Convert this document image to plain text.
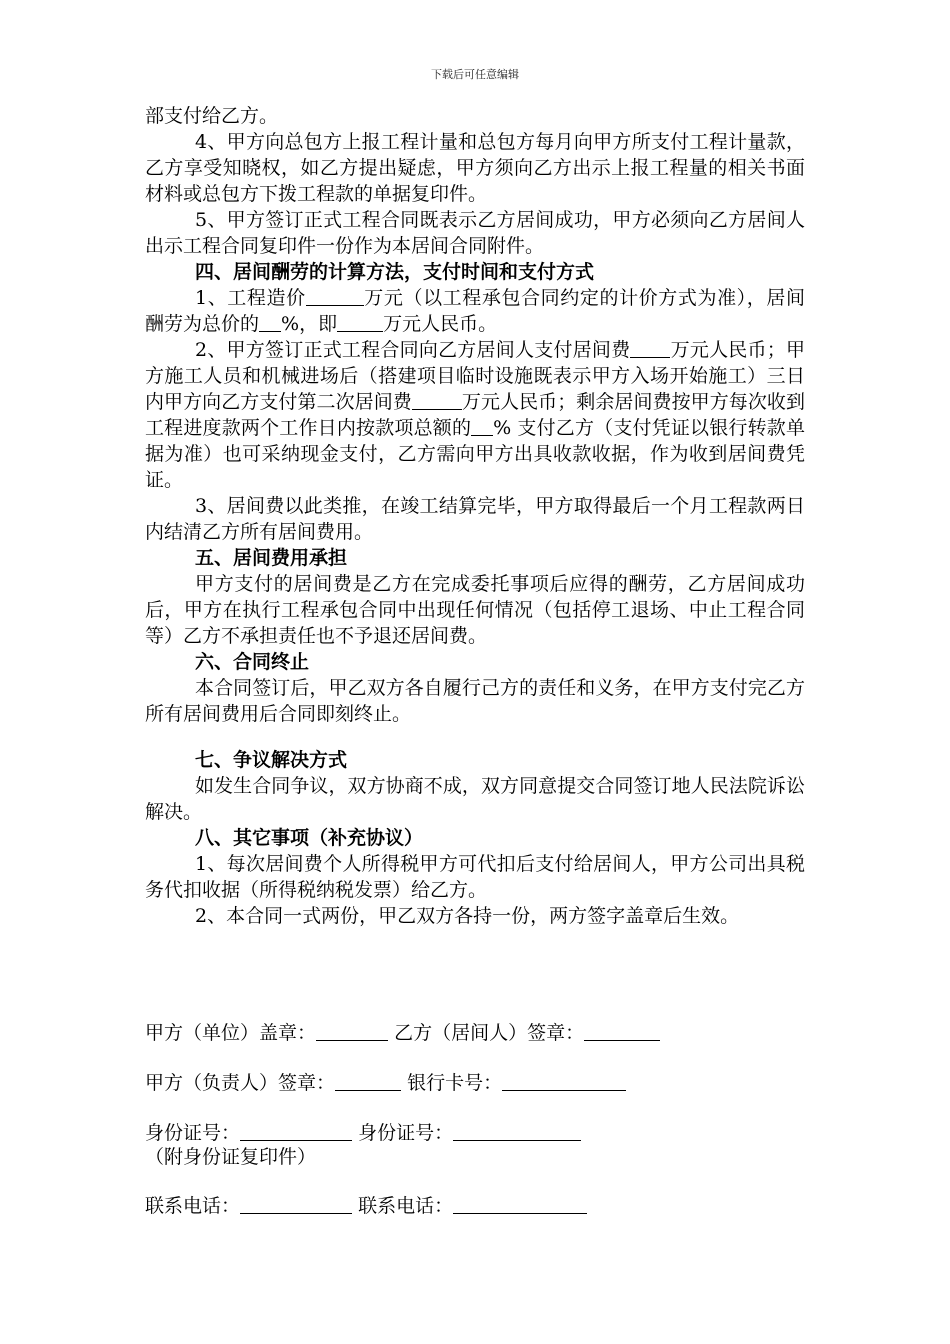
下载后可任意编辑

部支付给乙方。

4、甲方向总包方上报工程计量和总包方每月向甲方所支付工程计量款，乙方享受知晓权，如乙方提出疑虑，甲方须向乙方出示上报工程量的相关书面材料或总包方下拨工程款的单据复印件。

5、甲方签订正式工程合同既表示乙方居间成功，甲方必须向乙方居间人出示工程合同复印件一份作为本居间合同附件。

四、居间酬劳的计算方法，支付时间和支付方式

1、工程造价	万元（以工程承包合同约定的计价方式为准），居间酬劳为总价的 %，即 万元人民币。

2、甲方签订正式工程合同向乙方居间人支付居间费 万元人民币；甲方施工人员和机械进场后（搭建项目临时设施既表示甲方入场开始施工）三日内甲方向乙方支付第二次居间费	万元人民币；剩余居间费按甲方每次收到工程进度款两个工作日内按款项总额的 % 支付乙方（支付凭证以银行转款单据为准）也可采纳现金支付，乙方需向甲方出具收款收据，作为收到居间费凭证。

3、居间费以此类推，在竣工结算完毕，甲方取得最后一个月工程款两日内结清乙方所有居间费用。

五、居间费用承担

甲方支付的居间费是乙方在完成委托事项后应得的酬劳，乙方居间成功后，甲方在执行工程承包合同中出现任何情况（包括停工退场、中止工程合同等）乙方不承担责任也不予退还居间费。

六、合同终止

本合同签订后，甲乙双方各自履行己方的责任和义务，在甲方支付完乙方所有居间费用后合同即刻终止。

七、争议解决方式

如发生合同争议，双方协商不成，双方同意提交合同签订地人民法院诉讼解决。

八、其它事项（补充协议）

1、每次居间费个人所得税甲方可代扣后支付给居间人，甲方公司出具税务代扣收据（所得税纳税发票）给乙方。

2、本合同一式两份，甲乙双方各持一份，两方签字盖章后生效。

甲方（单位）盖章：	乙方（居间人）签章：
甲方（负责人）签章：	银行卡号：
身份证号：	身份证号：
（附身份证复印件）
联系电话：	联系电话：
